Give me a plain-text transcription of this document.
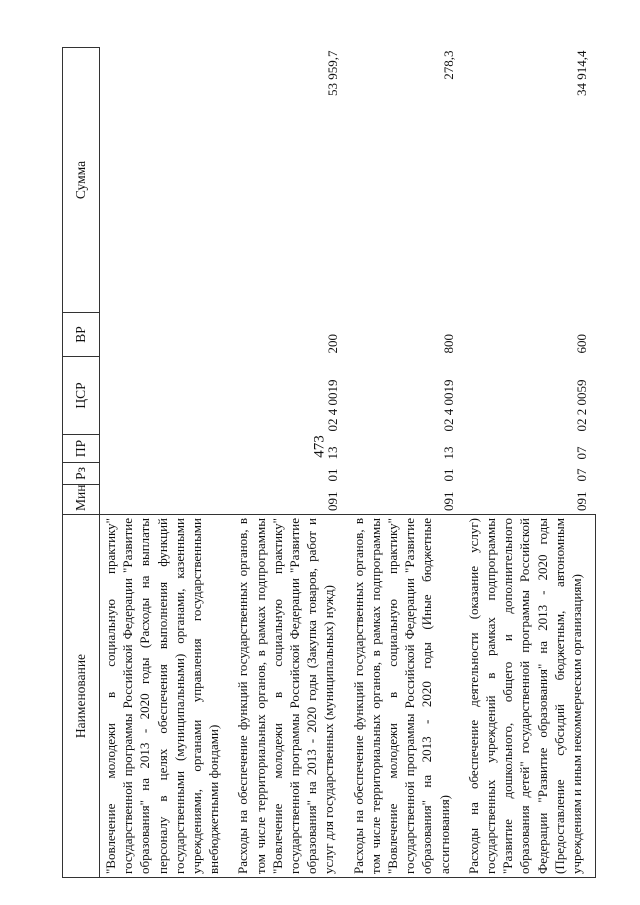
473
Наименование	Мин	Рз	ПР	ЦСР	ВР	Сумма
"Вовлечение молодежи в социальную практику" государственной программы Российской Федерации "Развитие образования" на 2013 - 2020 годы (Расходы на выплаты персоналу в целях обеспечения выполнения функций государственными (муниципальными) органами, казенными учреждениями, органами управления государственными внебюджетными фондами)						
Расходы на обеспечение функций государственных органов, в том числе территориальных органов, в рамках подпрограммы "Вовлечение молодежи в социальную практику" государственной программы Российской Федерации "Развитие образования" на 2013 - 2020 годы (Закупка товаров, работ и услуг для государственных (муниципальных) нужд)	091	01	13	02 4 0019	200	53 959,7
Расходы на обеспечение функций государственных органов, в том числе территориальных органов, в рамках подпрограммы "Вовлечение молодежи в социальную практику" государственной программы Российской Федерации "Развитие образования" на 2013 - 2020 годы (Иные бюджетные ассигнования)	091	01	13	02 4 0019	800	278,3
Расходы на обеспечение деятельности (оказание услуг) государственных учреждений в рамках подпрограммы "Развитие дошкольного, общего и дополнительного образования детей" государственной программы Российской Федерации "Развитие образования" на 2013 - 2020 годы (Предоставление субсидий бюджетным, автономным учреждениям и иным некоммерческим организациям)	091	07	07	02 2 0059	600	34 914,4
